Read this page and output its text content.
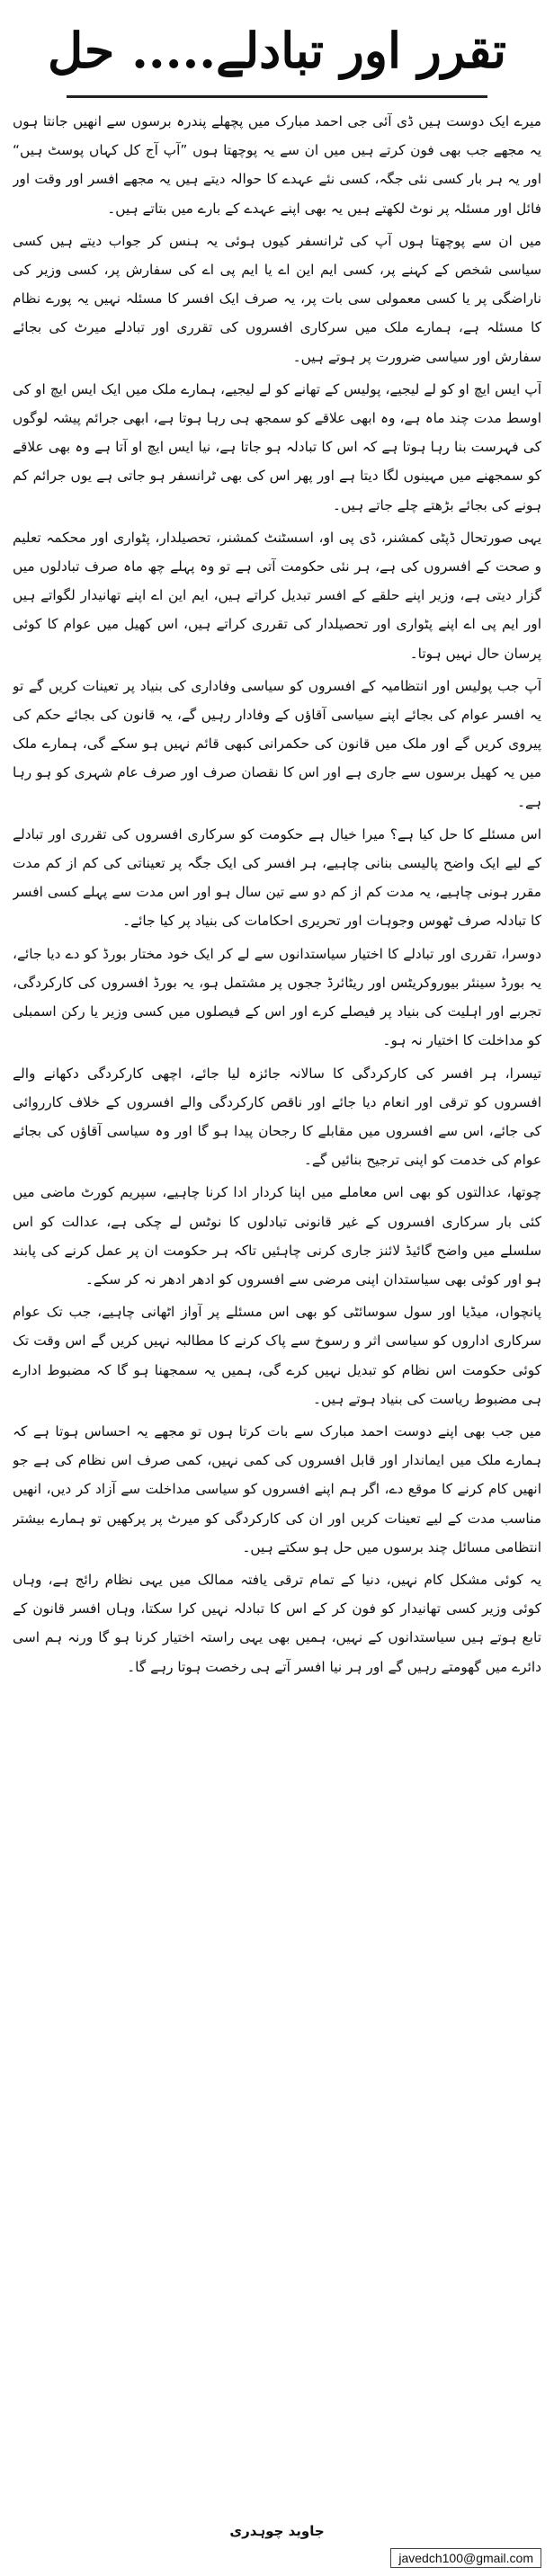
تقرر اور تبادلے..... حل

میرے ایک دوست ہیں ڈی آئی جی احمد مبارک میں پچھلے پندرہ برسوں سے انھیں جانتا ہوں یہ مجھے جب بھی فون کرتے ہیں میں ان سے یہ پوچھتا ہوں ”آپ آج کل کہاں پوسٹ ہیں“ اور یہ ہر بار کسی نئی جگہ، کسی نئے عہدے کا حوالہ دیتے ہیں یہ مجھے افسر اور وقت اور فائل اور مسئلہ پر نوٹ لکھتے ہیں یہ بھی اپنے عہدے کے بارے میں بتاتے ہیں۔

میں ان سے پوچھتا ہوں آپ کی ٹرانسفر کیوں ہوئی یہ ہنس کر جواب دیتے ہیں کسی سیاسی شخص کے کہنے پر، کسی ایم این اے یا ایم پی اے کی سفارش پر، کسی وزیر کی ناراضگی پر یا کسی معمولی سی بات پر، یہ صرف ایک افسر کا مسئلہ نہیں یہ پورے نظام کا مسئلہ ہے، ہمارے ملک میں سرکاری افسروں کی تقرری اور تبادلے میرٹ کی بجائے سفارش اور سیاسی ضرورت پر ہوتے ہیں۔

آپ ایس ایچ او کو لے لیجیے، پولیس کے تھانے کو لے لیجیے، ہمارے ملک میں ایک ایس ایچ او کی اوسط مدت چند ماہ ہے، وہ ابھی علاقے کو سمجھ ہی رہا ہوتا ہے، ابھی جرائم پیشہ لوگوں کی فہرست بنا رہا ہوتا ہے کہ اس کا تبادلہ ہو جاتا ہے، نیا ایس ایچ او آتا ہے وہ بھی علاقے کو سمجھنے میں مہینوں لگا دیتا ہے اور پھر اس کی بھی ٹرانسفر ہو جاتی ہے یوں جرائم کم ہونے کی بجائے بڑھتے چلے جاتے ہیں۔

یہی صورتحال ڈپٹی کمشنر، ڈی پی او، اسسٹنٹ کمشنر، تحصیلدار، پٹواری اور محکمہ تعلیم و صحت کے افسروں کی ہے، ہر نئی حکومت آتی ہے تو وہ پہلے چھ ماہ صرف تبادلوں میں گزار دیتی ہے، وزیر اپنے حلقے کے افسر تبدیل کراتے ہیں، ایم این اے اپنے تھانیدار لگواتے ہیں اور ایم پی اے اپنے پٹواری اور تحصیلدار کی تقرری کراتے ہیں، اس کھیل میں عوام کا کوئی پرسان حال نہیں ہوتا۔

آپ جب پولیس اور انتظامیہ کے افسروں کو سیاسی وفاداری کی بنیاد پر تعینات کریں گے تو یہ افسر عوام کی بجائے اپنے سیاسی آقاؤں کے وفادار رہیں گے، یہ قانون کی بجائے حکم کی پیروی کریں گے اور ملک میں قانون کی حکمرانی کبھی قائم نہیں ہو سکے گی، ہمارے ملک میں یہ کھیل برسوں سے جاری ہے اور اس کا نقصان صرف اور صرف عام شہری کو ہو رہا ہے۔

اس مسئلے کا حل کیا ہے؟ میرا خیال ہے حکومت کو سرکاری افسروں کی تقرری اور تبادلے کے لیے ایک واضح پالیسی بنانی چاہیے، ہر افسر کی ایک جگہ پر تعیناتی کی کم از کم مدت مقرر ہونی چاہیے، یہ مدت کم از کم دو سے تین سال ہو اور اس مدت سے پہلے کسی افسر کا تبادلہ صرف ٹھوس وجوہات اور تحریری احکامات کی بنیاد پر کیا جائے۔

دوسرا، تقرری اور تبادلے کا اختیار سیاستدانوں سے لے کر ایک خود مختار بورڈ کو دے دیا جائے، یہ بورڈ سینئر بیوروکریٹس اور ریٹائرڈ ججوں پر مشتمل ہو، یہ بورڈ افسروں کی کارکردگی، تجربے اور اہلیت کی بنیاد پر فیصلے کرے اور اس کے فیصلوں میں کسی وزیر یا رکن اسمبلی کو مداخلت کا اختیار نہ ہو۔

تیسرا، ہر افسر کی کارکردگی کا سالانہ جائزہ لیا جائے، اچھی کارکردگی دکھانے والے افسروں کو ترقی اور انعام دیا جائے اور ناقص کارکردگی والے افسروں کے خلاف کارروائی کی جائے، اس سے افسروں میں مقابلے کا رجحان پیدا ہو گا اور وہ سیاسی آقاؤں کی بجائے عوام کی خدمت کو اپنی ترجیح بنائیں گے۔

چوتھا، عدالتوں کو بھی اس معاملے میں اپنا کردار ادا کرنا چاہیے، سپریم کورٹ ماضی میں کئی بار سرکاری افسروں کے غیر قانونی تبادلوں کا نوٹس لے چکی ہے، عدالت کو اس سلسلے میں واضح گائیڈ لائنز جاری کرنی چاہئیں تاکہ ہر حکومت ان پر عمل کرنے کی پابند ہو اور کوئی بھی سیاستدان اپنی مرضی سے افسروں کو ادھر ادھر نہ کر سکے۔

پانچواں، میڈیا اور سول سوسائٹی کو بھی اس مسئلے پر آواز اٹھانی چاہیے، جب تک عوام سرکاری اداروں کو سیاسی اثر و رسوخ سے پاک کرنے کا مطالبہ نہیں کریں گے اس وقت تک کوئی حکومت اس نظام کو تبدیل نہیں کرے گی، ہمیں یہ سمجھنا ہو گا کہ مضبوط ادارے ہی مضبوط ریاست کی بنیاد ہوتے ہیں۔

میں جب بھی اپنے دوست احمد مبارک سے بات کرتا ہوں تو مجھے یہ احساس ہوتا ہے کہ ہمارے ملک میں ایماندار اور قابل افسروں کی کمی نہیں، کمی صرف اس نظام کی ہے جو انھیں کام کرنے کا موقع دے، اگر ہم اپنے افسروں کو سیاسی مداخلت سے آزاد کر دیں، انھیں مناسب مدت کے لیے تعینات کریں اور ان کی کارکردگی کو میرٹ پر پرکھیں تو ہمارے بیشتر انتظامی مسائل چند برسوں میں حل ہو سکتے ہیں۔

یہ کوئی مشکل کام نہیں، دنیا کے تمام ترقی یافتہ ممالک میں یہی نظام رائج ہے، وہاں کوئی وزیر کسی تھانیدار کو فون کر کے اس کا تبادلہ نہیں کرا سکتا، وہاں افسر قانون کے تابع ہوتے ہیں سیاستدانوں کے نہیں، ہمیں بھی یہی راستہ اختیار کرنا ہو گا ورنہ ہم اسی دائرے میں گھومتے رہیں گے اور ہر نیا افسر آتے ہی رخصت ہوتا رہے گا۔

جاوید چوہدری
javedch100@gmail.com
